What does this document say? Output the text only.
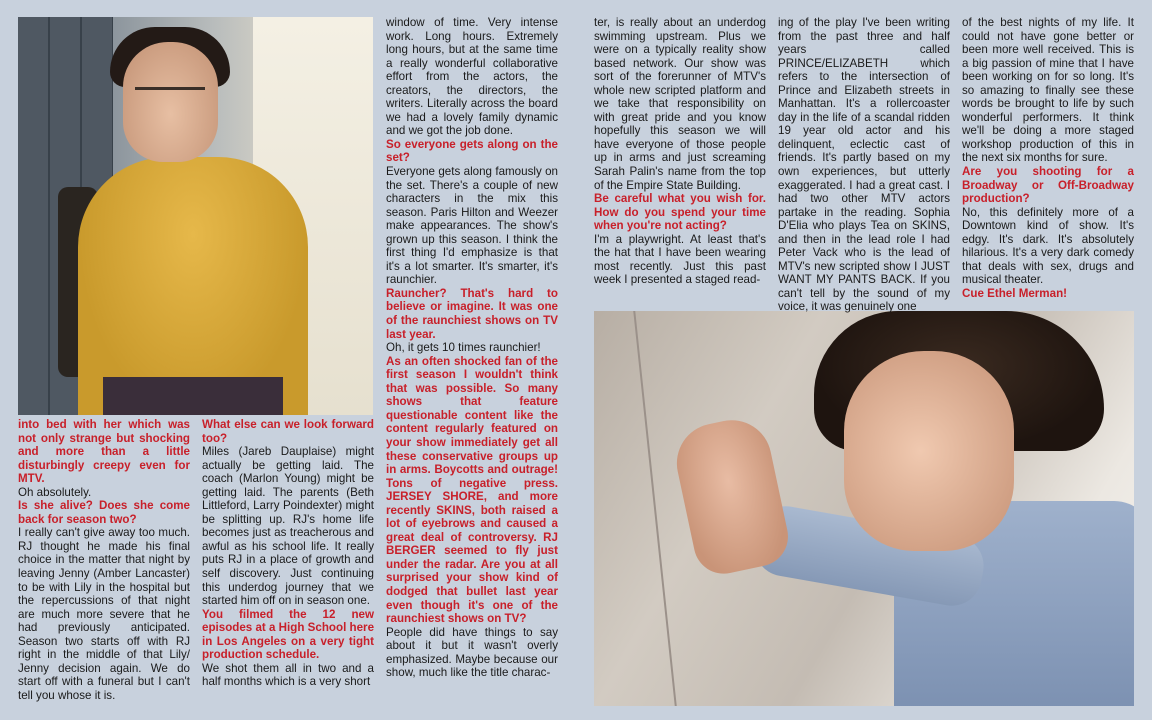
into bed with her which was not only strange but shocking and more than a little disturbingly creepy even for MTV.

Oh absolutely.

Is she alive? Does she come back for season two?

I really can't give away too much. RJ thought he made his final choice in the matter that night by leaving Jenny (Amber Lancaster) to be with Lily in the hospital but the repercussions of that night are much more severe that he had previously anticipated. Season two starts off with RJ right in the middle of that Lily/ Jenny decision again. We do start off with a funeral but I can't tell you whose it is.

What else can we look forward too?

Miles (Jareb Dauplaise) might actually be getting laid. The coach (Marlon Young) might be getting laid. The parents (Beth Littleford, Larry Poindexter) might be splitting up. RJ's home life becomes just as treacherous and awful as his school life. It really puts RJ in a place of growth and self discovery. Just continuing this underdog journey that we started him off on in season one.

You filmed the 12 new episodes at a High School here in Los Angeles on a very tight production schedule.

We shot them all in two and a half months which is a very short

window of time. Very intense work. Long hours. Extremely long hours, but at the same time a really wonderful collaborative effort from the actors, the creators, the directors, the writers. Literally across the board we had a lovely family dynamic and we got the job done.

So everyone gets along on the set?

Everyone gets along famously on the set. There's a couple of new characters in the mix this season. Paris Hilton and Weezer make appearances. The show's grown up this season. I think the first thing I'd emphasize is that it's a lot smarter. It's smarter, it's raunchier.

Rauncher? That's hard to believe or imagine. It was one of the raunchiest shows on TV last year.

Oh, it gets 10 times raunchier!

As an often shocked fan of the first season I wouldn't think that was possible. So many shows that feature questionable content like the content regularly featured on your show immediately get all these conservative groups up in arms. Boycotts and outrage! Tons of negative press. JERSEY SHORE, and more recently SKINS, both raised a lot of eyebrows and caused a great deal of controversy. RJ BERGER seemed to fly just under the radar. Are you at all surprised your show kind of dodged that bullet last year even though it's one of the raunchiest shows on TV?

People did have things to say about it but it wasn't overly emphasized. Maybe because our show, much like the title charac-

ter, is really about an underdog swimming upstream. Plus we were on a typically reality show based network. Our show was sort of the forerunner of MTV's whole new scripted platform and we take that responsibility on with great pride and you know hopefully this season we will have everyone of those people up in arms and just screaming Sarah Palin's name from the top of the Empire State Building.

Be careful what you wish for. How do you spend your time when you're not acting?

I'm a playwright. At least that's the hat that I have been wearing most recently. Just this past week I presented a staged read-

ing of the play I've been writing from the past three and half years called PRINCE/ELIZABETH which refers to the intersection of Prince and Elizabeth streets in Manhattan. It's a rollercoaster day in the life of a scandal ridden 19 year old actor and his delinquent, eclectic cast of friends. It's partly based on my own experiences, but utterly exaggerated. I had a great cast. I had two other MTV actors partake in the reading. Sophia D'Elia who plays Tea on SKINS, and then in the lead role I had Peter Vack who is the lead of MTV's new scripted show I JUST WANT MY PANTS BACK. If you can't tell by the sound of my voice, it was genuinely one

of the best nights of my life. It could not have gone better or been more well received. This is a big passion of mine that I have been working on for so long. It's so amazing to finally see these words be brought to life by such wonderful performers. It think we'll be doing a more staged workshop production of this in the next six months for sure.

Are you shooting for a Broadway or Off-Broadway production?

No, this definitely more of a Downtown kind of show. It's edgy. It's dark. It's absolutely hilarious. It's a very dark comedy that deals with sex, drugs and musical theater.

Cue Ethel Merman!
